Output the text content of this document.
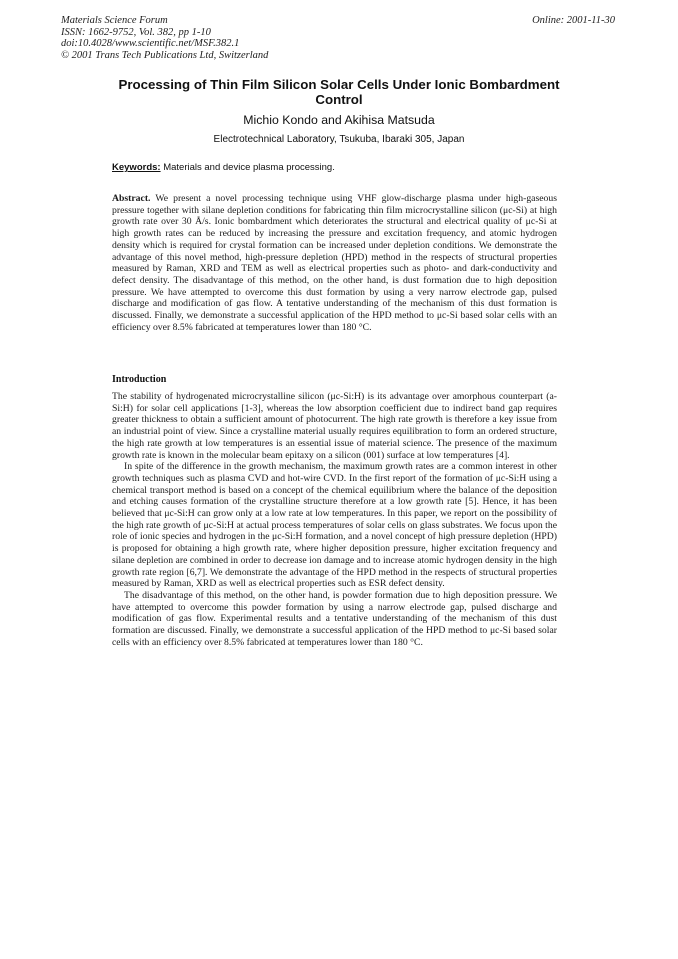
Materials Science Forum
ISSN: 1662-9752, Vol. 382, pp 1-10
doi:10.4028/www.scientific.net/MSF.382.1
© 2001 Trans Tech Publications Ltd, Switzerland
Online: 2001-11-30
Processing of Thin Film Silicon Solar Cells Under Ionic Bombardment Control
Michio Kondo and Akihisa Matsuda
Electrotechnical Laboratory, Tsukuba, Ibaraki 305, Japan
Keywords: Materials and device plasma processing.
Abstract. We present a novel processing technique using VHF glow-discharge plasma under high-gaseous pressure together with silane depletion conditions for fabricating thin film microcrystalline silicon (μc-Si) at high growth rate over 30 Å/s. Ionic bombardment which deteriorates the structural and electrical quality of μc-Si at high growth rates can be reduced by increasing the pressure and excitation frequency, and atomic hydrogen density which is required for crystal formation can be increased under depletion conditions. We demonstrate the advantage of this novel method, high-pressure depletion (HPD) method in the respects of structural properties measured by Raman, XRD and TEM as well as electrical properties such as photo- and dark-conductivity and defect density. The disadvantage of this method, on the other hand, is dust formation due to high deposition pressure. We have attempted to overcome this dust formation by using a very narrow electrode gap, pulsed discharge and modification of gas flow. A tentative understanding of the mechanism of this dust formation is discussed. Finally, we demonstrate a successful application of the HPD method to μc-Si based solar cells with an efficiency over 8.5% fabricated at temperatures lower than 180 °C.
Introduction

The stability of hydrogenated microcrystalline silicon (μc-Si:H) is its advantage over amorphous counterpart (a-Si:H) for solar cell applications [1-3], whereas the low absorption coefficient due to indirect band gap requires greater thickness to obtain a sufficient amount of photocurrent. The high rate growth is therefore a key issue from an industrial point of view. Since a crystalline material usually requires equilibration to form an ordered structure, the high rate growth at low temperatures is an essential issue of material science. The presence of the maximum growth rate is known in the molecular beam epitaxy on a silicon (001) surface at low temperatures [4].

In spite of the difference in the growth mechanism, the maximum growth rates are a common interest in other growth techniques such as plasma CVD and hot-wire CVD. In the first report of the formation of μc-Si:H using a chemical transport method is based on a concept of the chemical equilibrium where the balance of the deposition and etching causes formation of the crystalline structure therefore at a low growth rate [5]. Hence, it has been believed that μc-Si:H can grow only at a low rate at low temperatures. In this paper, we report on the possibility of the high rate growth of μc-Si:H at actual process temperatures of solar cells on glass substrates. We focus upon the role of ionic species and hydrogen in the μc-Si:H formation, and a novel concept of high pressure depletion (HPD) is proposed for obtaining a high growth rate, where higher deposition pressure, higher excitation frequency and silane depletion are combined in order to decrease ion damage and to increase atomic hydrogen density in the high growth rate region [6,7]. We demonstrate the advantage of the HPD method in the respects of structural properties measured by Raman, XRD as well as electrical properties such as ESR defect density.

The disadvantage of this method, on the other hand, is powder formation due to high deposition pressure. We have attempted to overcome this powder formation by using a narrow electrode gap, pulsed discharge and modification of gas flow. Experimental results and a tentative understanding of the mechanism of this dust formation are discussed. Finally, we demonstrate a successful application of the HPD method to μc-Si based solar cells with an efficiency over 8.5% fabricated at temperatures lower than 180 °C.
